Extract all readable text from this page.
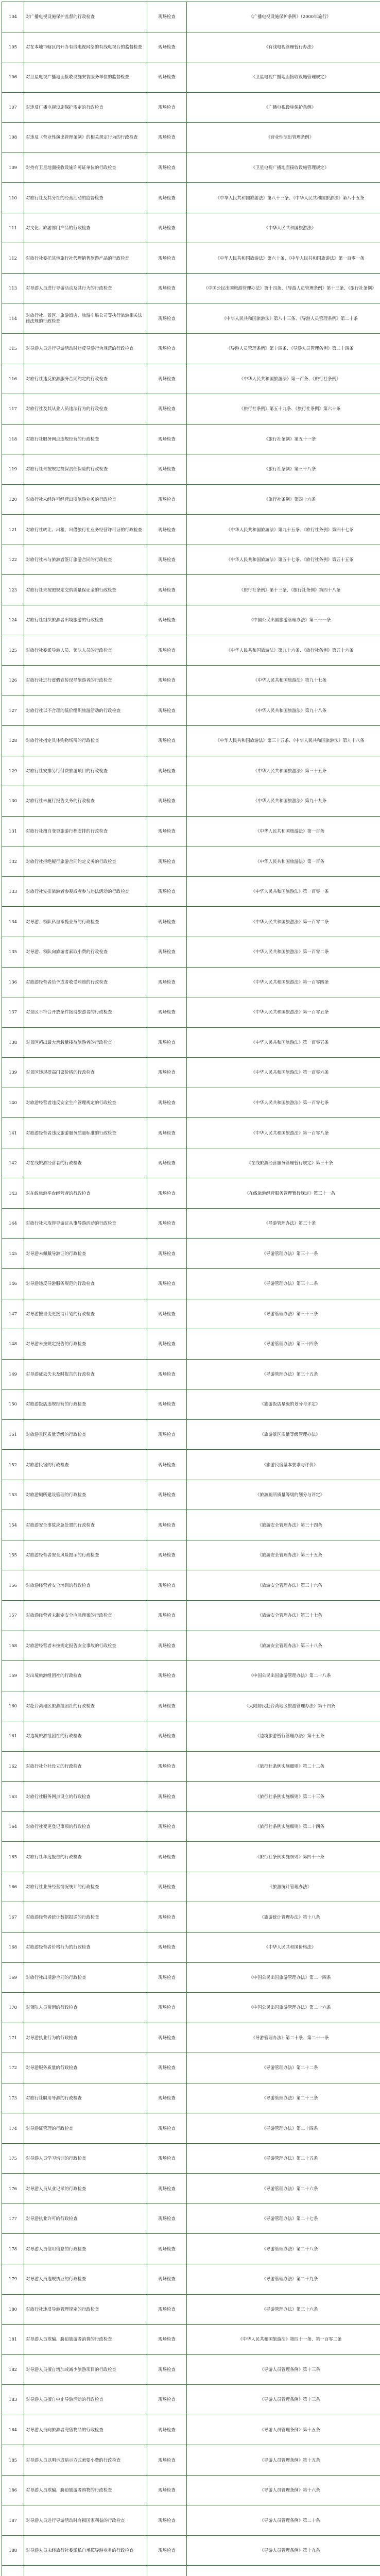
104	对广播电视设施保护监督的行政检查	现场检查	《广播电视设施保护条例》（2000年施行）
105	对在本地市辖区内开办有线电视网络的有线电视台的监督检查	现场检查	《有线电视管理暂行办法》
106	对卫星电视广播地面接收设施安装服务单位的监督检查	现场检查	《卫星电视广播地面接收设施管理规定》
107	对违反广播电视设施保护规定的行政检查	现场检查	《广播电视设施保护条例》
108	对违反《营业性演出管理条例》的相关规定行为的行政检查	现场检查	《营业性演出管理条例》
109	对持有卫星地面接收设施许可证单位的行政检查	现场检查	《卫星电视广播地面接收设施管理规定》
110	对旅行社及其分社的经营活动的监督检查	现场检查	《中华人民共和国旅游法》第八十三条、《中华人民共和国旅游法》第八十五条
111	对文化、旅游部门产品的行政检查	现场检查	《中华人民共和国旅游法》
112	对旅行社委托其他旅行社代理销售旅游产品的行政检查	现场检查	《中华人民共和国旅游法》第六十条、《中华人民共和国旅游法》第一百零一条
113	对导游人员进行导游活动及其行为的行政检查	现场检查	《中国公民出国旅游管理办法》第十四条、《导游人员管理条例》第十三条、《旅行社条例》
114	对旅行社、景区、旅游饭店、旅游车船公司等执行旅游相关法律法规的行政检查	现场检查	《中华人民共和国旅游法》第八十三条、《导游人员管理条例》第二十条
115	对导游人员进行导游活动时违反导游行为规范的行政检查	现场检查	《导游人员管理条例》第十四条、《导游人员管理条例》第二十四条
116	对旅行社违反旅游服务合同约定的行政检查	现场检查	《中华人民共和国旅游法》第一百条、《旅行社条例》
117	对旅行社及其从业人员违法行为的行政检查	现场检查	《旅行社条例》第五十九条、《旅行社条例》第六十条
118	对旅行社服务网点违规经营的行政检查	现场检查	《旅行社条例》第五十一条
119	对旅行社未按规定投保责任保险的行政检查	现场检查	《旅行社条例》第三十八条
120	对旅行社未经许可经营出境旅游业务的行政检查	现场检查	《旅行社条例》第四十六条
121	对旅行社转让、出租、出借旅行社业务经营许可证的行政检查	现场检查	《中华人民共和国旅游法》第九十五条、《旅行社条例》第四十七条
122	对旅行社未与旅游者签订旅游合同的行政检查	现场检查	《中华人民共和国旅游法》第五十七条、《旅行社条例》第五十五条
123	对旅行社未按照规定交纳质量保证金的行政检查	现场检查	《旅行社条例》第十三条、《旅行社条例》第四十八条
124	对旅行社组织旅游者出境旅游的行政检查	现场检查	《中国公民出国旅游管理办法》第三十一条
125	对旅行社委派导游人员、领队人员的行政检查	现场检查	《中华人民共和国旅游法》第九十六条、《旅行社条例》第五十六条
126	对旅行社进行虚假宣传误导旅游者的行政检查	现场检查	《中华人民共和国旅游法》第九十七条
127	对旅行社以不合理的低价组织旅游活动的行政检查	现场检查	《中华人民共和国旅游法》第九十八条
128	对旅行社指定具体购物场所的行政检查	现场检查	《中华人民共和国旅游法》第三十五条、《中华人民共和国旅游法》第九十八条
129	对旅行社安排另行付费旅游项目的行政检查	现场检查	《中华人民共和国旅游法》第三十五条
130	对旅行社未履行报告义务的行政检查	现场检查	《中华人民共和国旅游法》第九十九条
131	对旅行社擅自变更旅游行程安排的行政检查	现场检查	《中华人民共和国旅游法》第一百条
132	对旅行社拒绝履行旅游合同约定义务的行政检查	现场检查	《中华人民共和国旅游法》第一百条
133	对旅行社安排旅游者参观或者参与违法活动的行政检查	现场检查	《中华人民共和国旅游法》第一百零一条
134	对导游、领队私自承揽业务的行政检查	现场检查	《中华人民共和国旅游法》第一百零二条
135	对导游、领队向旅游者索取小费的行政检查	现场检查	《中华人民共和国旅游法》第一百零二条
136	对旅游经营者给予或者收受贿赂的行政检查	现场检查	《中华人民共和国旅游法》第一百零四条
137	对景区不符合开放条件接待旅游者的行政检查	现场检查	《中华人民共和国旅游法》第一百零五条
138	对景区超出最大承载量接待旅游者的行政检查	现场检查	《中华人民共和国旅游法》第一百零五条
139	对景区违规提高门票价格的行政检查	现场检查	《中华人民共和国旅游法》第一百零六条
140	对旅游经营者违反安全生产管理规定的行政检查	现场检查	《中华人民共和国旅游法》第一百零七条
141	对旅游经营者违反旅游服务质量标准的行政检查	现场检查	《中华人民共和国旅游法》第一百零八条
142	对在线旅游经营者的行政检查	现场检查	《在线旅游经营服务管理暂行规定》第三十条
143	对在线旅游平台经营者的行政检查	现场检查	《在线旅游经营服务管理暂行规定》第三十一条
144	对旅行社未取得导游证从事导游活动的行政检查	现场检查	《导游管理办法》第三十条
145	对导游未佩戴导游证的行政检查	现场检查	《导游管理办法》第三十一条
146	对导游违反导游服务规范的行政检查	现场检查	《导游管理办法》第三十二条
147	对导游擅自变更接待计划的行政检查	现场检查	《导游管理办法》第三十三条
148	对导游未按规定报告的行政检查	现场检查	《导游管理办法》第三十四条
149	对导游证丢失未及时报告的行政检查	现场检查	《导游管理办法》第三十五条
150	对旅游饭店违规经营的行政检查	现场检查	《旅游饭店星级的划分与评定》
151	对旅游景区质量等级的行政检查	现场检查	《旅游景区质量等级管理办法》
152	对旅游民宿的行政检查	现场检查	《旅游民宿基本要求与评价》
153	对旅游厕所建设管理的行政检查	现场检查	《旅游厕所质量等级的划分与评定》
154	对旅游安全事故应急处置的行政检查	现场检查	《旅游安全管理办法》第三十四条
155	对旅游经营者安全风险提示的行政检查	现场检查	《旅游安全管理办法》第三十五条
156	对旅游经营者安全培训的行政检查	现场检查	《旅游安全管理办法》第三十六条
157	对旅游经营者未制定安全应急预案的行政检查	现场检查	《旅游安全管理办法》第三十七条
158	对旅游经营者未按规定报告安全事故的行政检查	现场检查	《旅游安全管理办法》第三十八条
159	对出境旅游组团社的行政检查	现场检查	《中国公民出国旅游管理办法》第二十八条
160	对赴台湾地区旅游组团社的行政检查	现场检查	《大陆居民赴台湾地区旅游管理办法》第十四条
161	对边境旅游组团社的行政检查	现场检查	《边境旅游暂行管理办法》第十五条
162	对旅行社分社设立的行政检查	现场检查	《旅行社条例实施细则》第二十二条
163	对旅行社服务网点设立的行政检查	现场检查	《旅行社条例实施细则》第二十三条
164	对旅行社变更登记事项的行政检查	现场检查	《旅行社条例实施细则》第二十四条
165	对旅行社年度报告的行政检查	现场检查	《旅行社条例实施细则》第四十一条
166	对旅行社业务经营情况统计的行政检查	现场检查	《旅游统计管理办法》
167	对旅游经营者统计数据报送的行政检查	现场检查	《旅游统计管理办法》第十八条
168	对旅游经营者价格行为的行政检查	现场检查	《中华人民共和国价格法》
169	对旅行社出境游合同的行政检查	现场检查	《中国公民出国旅游管理办法》第二十四条
170	对领队人员带团的行政检查	现场检查	《中国公民出国旅游管理办法》第二十六条
171	对导游执业行为的行政检查	现场检查	《导游管理办法》第二十条、第二十一条
172	对导游服务质量的行政检查	现场检查	《导游管理办法》第二十二条
173	对旅行社聘用导游的行政检查	现场检查	《导游管理办法》第二十三条
174	对导游证管理的行政检查	现场检查	《导游管理办法》第二十四条
175	对导游人员学习培训的行政检查	现场检查	《导游管理办法》第二十五条
176	对导游人员从业记录的行政检查	现场检查	《导游管理办法》第二十六条
177	对导游执业许可的行政检查	现场检查	《导游管理办法》第二十七条
178	对导游人员信用信息的行政检查	现场检查	《导游管理办法》第二十八条
179	对导游人员违规执业的行政检查	现场检查	《导游管理办法》第二十九条
180	对旅行社违反导游管理规定的行政检查	现场检查	《导游管理办法》第三十六条
181	对导游人员欺骗、胁迫旅游者消费的行政检查	现场检查	《中华人民共和国旅游法》第四十一条、第一百零二条
182	对导游人员擅自增加或减少旅游项目的行政检查	现场检查	《导游人员管理条例》第十三条
183	对导游人员擅自中止导游活动的行政检查	现场检查	《导游人员管理条例》第十三条
184	对导游人员向旅游者兜售物品的行政检查	现场检查	《导游人员管理条例》第十五条
185	对导游人员以明示或暗示方式索要小费的行政检查	现场检查	《导游人员管理条例》第十五条
186	对导游人员欺骗、胁迫旅游者购物的行政检查	现场检查	《导游人员管理条例》第十六条
187	对导游人员进行导游活动时有损国家利益的行政检查	现场检查	《导游人员管理条例》第二十条
188	对导游人员未经旅行社委派私自承揽导游业务的行政检查	现场检查	《导游人员管理条例》第十九条
